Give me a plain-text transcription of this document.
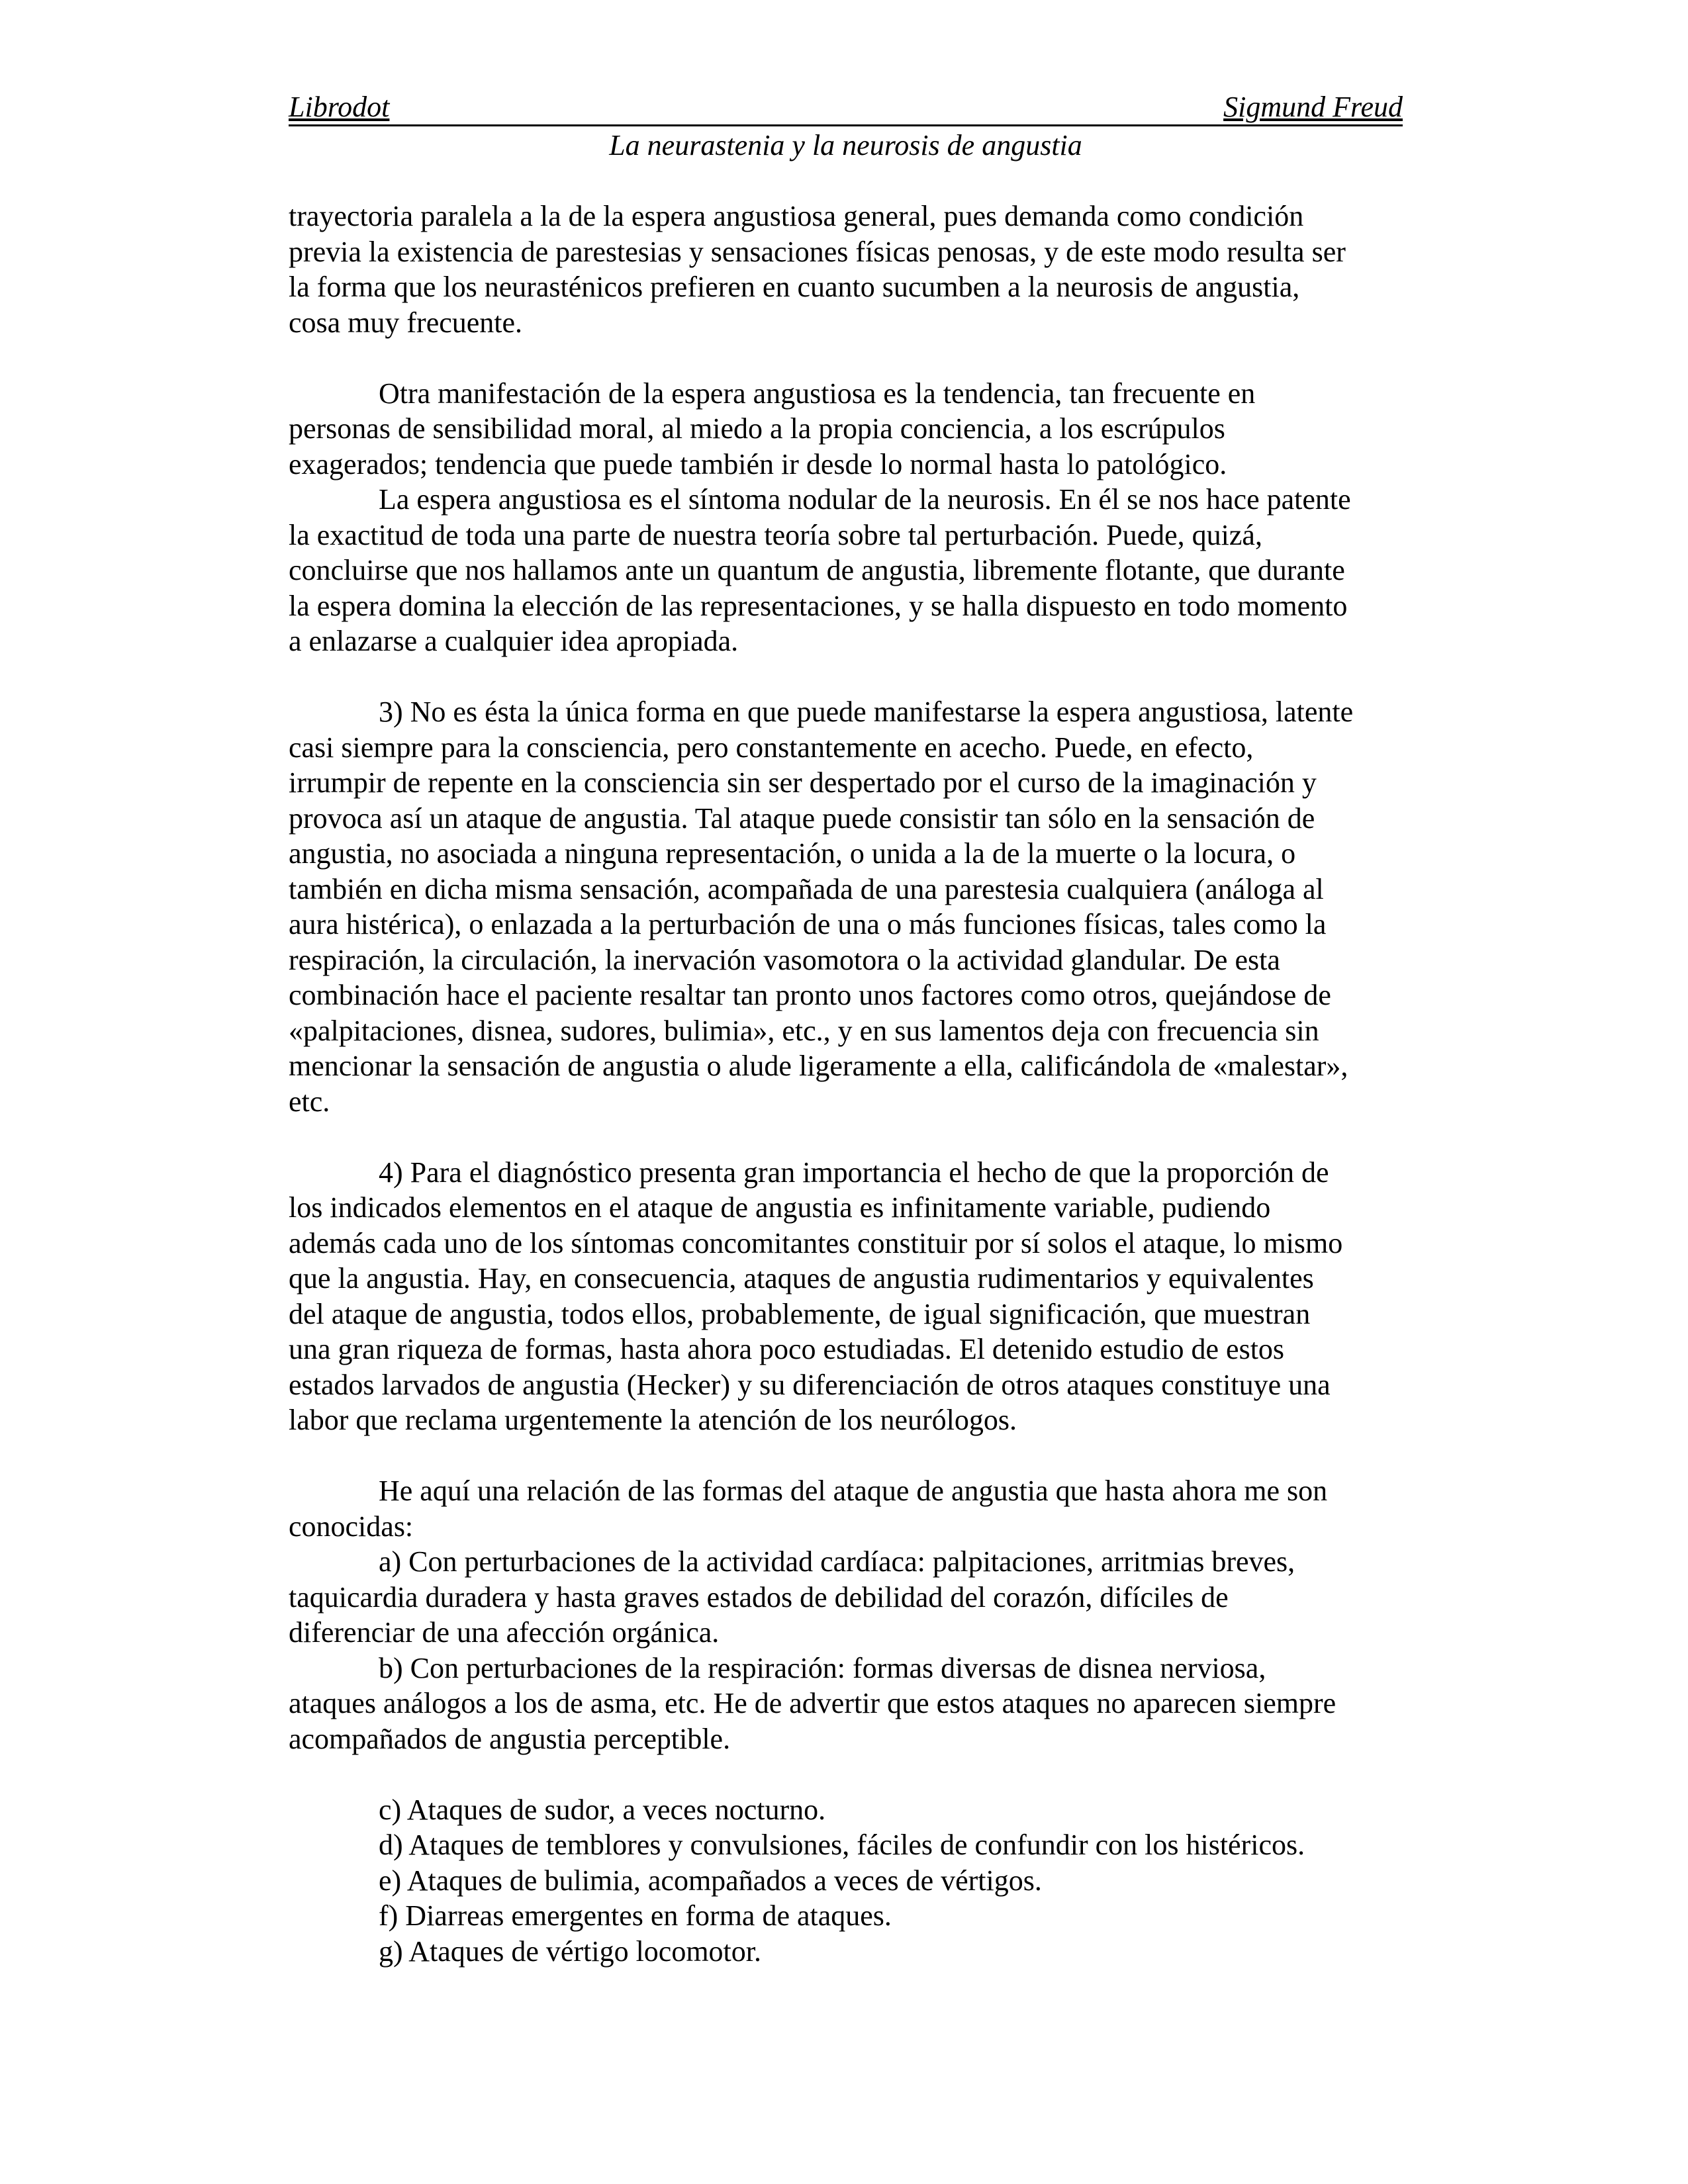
Librodot	Sigmund Freud
La neurastenia y la neurosis de angustia
trayectoria paralela a la de la espera angustiosa general, pues demanda como condición
previa la existencia de parestesias y sensaciones físicas penosas, y de este modo resulta ser
la forma que los neurasténicos prefieren en cuanto sucumben a la neurosis de angustia,
cosa muy frecuente.
Otra manifestación de la espera angustiosa es la tendencia, tan frecuente en
personas de sensibilidad moral, al miedo a la propia conciencia, a los escrúpulos
exagerados; tendencia que puede también ir desde lo normal hasta lo patológico.
La espera angustiosa es el síntoma nodular de la neurosis. En él se nos hace patente
la exactitud de toda una parte de nuestra teoría sobre tal perturbación. Puede, quizá,
concluirse que nos hallamos ante un quantum de angustia, libremente flotante, que durante
la espera domina la elección de las representaciones, y se halla dispuesto en todo momento
a enlazarse a cualquier idea apropiada.
3) No es ésta la única forma en que puede manifestarse la espera angustiosa, latente
casi siempre para la consciencia, pero constantemente en acecho. Puede, en efecto,
irrumpir de repente en la consciencia sin ser despertado por el curso de la imaginación y
provoca así un ataque de angustia. Tal ataque puede consistir tan sólo en la sensación de
angustia, no asociada a ninguna representación, o unida a la de la muerte o la locura, o
también en dicha misma sensación, acompañada de una parestesia cualquiera (análoga al
aura histérica), o enlazada a la perturbación de una o más funciones físicas, tales como la
respiración, la circulación, la inervación vasomotora o la actividad glandular. De esta
combinación hace el paciente resaltar tan pronto unos factores como otros, quejándose de
«palpitaciones, disnea, sudores, bulimia», etc., y en sus lamentos deja con frecuencia sin
mencionar la sensación de angustia o alude ligeramente a ella, calificándola de «malestar»,
etc.
4) Para el diagnóstico presenta gran importancia el hecho de que la proporción de
los indicados elementos en el ataque de angustia es infinitamente variable, pudiendo
además cada uno de los síntomas concomitantes constituir por sí solos el ataque, lo mismo
que la angustia. Hay, en consecuencia, ataques de angustia rudimentarios y equivalentes
del ataque de angustia, todos ellos, probablemente, de igual significación, que muestran
una gran riqueza de formas, hasta ahora poco estudiadas. El detenido estudio de estos
estados larvados de angustia (Hecker) y su diferenciación de otros ataques constituye una
labor que reclama urgentemente la atención de los neurólogos.
He aquí una relación de las formas del ataque de angustia que hasta ahora me son
conocidas:
a) Con perturbaciones de la actividad cardíaca: palpitaciones, arritmias breves,
taquicardia duradera y hasta graves estados de debilidad del corazón, difíciles de
diferenciar de una afección orgánica.
b) Con perturbaciones de la respiración: formas diversas de disnea nerviosa,
ataques análogos a los de asma, etc. He de advertir que estos ataques no aparecen siempre
acompañados de angustia perceptible.
c) Ataques de sudor, a veces nocturno.
d) Ataques de temblores y convulsiones, fáciles de confundir con los histéricos.
e) Ataques de bulimia, acompañados a veces de vértigos.
f) Diarreas emergentes en forma de ataques.
g) Ataques de vértigo locomotor.
